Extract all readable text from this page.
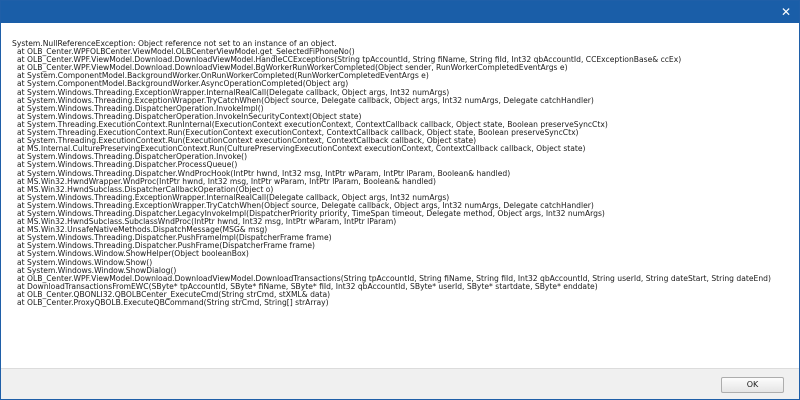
✕
System.NullReferenceException: Object reference not set to an instance of an object.
at OLB_Center.WPFOLBCenter.ViewModel.OLBCenterViewModel.get_SelectedFiPhoneNo()
at OLB_Center.WPF.ViewModel.Download.DownloadViewModel.HandleCCExceptions(String tpAccountId, String fiName, String fiId, Int32 qbAccountId, CCExceptionBase& ccEx)
at OLB_Center.WPF.ViewModel.Download.DownloadViewModel.BgWorkerRunWorkerCompleted(Object sender, RunWorkerCompletedEventArgs e)
at System.ComponentModel.BackgroundWorker.OnRunWorkerCompleted(RunWorkerCompletedEventArgs e)
at System.ComponentModel.BackgroundWorker.AsyncOperationCompleted(Object arg)
at System.Windows.Threading.ExceptionWrapper.InternalRealCall(Delegate callback, Object args, Int32 numArgs)
at System.Windows.Threading.ExceptionWrapper.TryCatchWhen(Object source, Delegate callback, Object args, Int32 numArgs, Delegate catchHandler)
at System.Windows.Threading.DispatcherOperation.InvokeImpl()
at System.Windows.Threading.DispatcherOperation.InvokeInSecurityContext(Object state)
at System.Threading.ExecutionContext.RunInternal(ExecutionContext executionContext, ContextCallback callback, Object state, Boolean preserveSyncCtx)
at System.Threading.ExecutionContext.Run(ExecutionContext executionContext, ContextCallback callback, Object state, Boolean preserveSyncCtx)
at System.Threading.ExecutionContext.Run(ExecutionContext executionContext, ContextCallback callback, Object state)
at MS.Internal.CulturePreservingExecutionContext.Run(CulturePreservingExecutionContext executionContext, ContextCallback callback, Object state)
at System.Windows.Threading.DispatcherOperation.Invoke()
at System.Windows.Threading.Dispatcher.ProcessQueue()
at System.Windows.Threading.Dispatcher.WndProcHook(IntPtr hwnd, Int32 msg, IntPtr wParam, IntPtr lParam, Boolean& handled)
at MS.Win32.HwndWrapper.WndProc(IntPtr hwnd, Int32 msg, IntPtr wParam, IntPtr lParam, Boolean& handled)
at MS.Win32.HwndSubclass.DispatcherCallbackOperation(Object o)
at System.Windows.Threading.ExceptionWrapper.InternalRealCall(Delegate callback, Object args, Int32 numArgs)
at System.Windows.Threading.ExceptionWrapper.TryCatchWhen(Object source, Delegate callback, Object args, Int32 numArgs, Delegate catchHandler)
at System.Windows.Threading.Dispatcher.LegacyInvokeImpl(DispatcherPriority priority, TimeSpan timeout, Delegate method, Object args, Int32 numArgs)
at MS.Win32.HwndSubclass.SubclassWndProc(IntPtr hwnd, Int32 msg, IntPtr wParam, IntPtr lParam)
at MS.Win32.UnsafeNativeMethods.DispatchMessage(MSG& msg)
at System.Windows.Threading.Dispatcher.PushFrameImpl(DispatcherFrame frame)
at System.Windows.Threading.Dispatcher.PushFrame(DispatcherFrame frame)
at System.Windows.Window.ShowHelper(Object booleanBox)
at System.Windows.Window.Show()
at System.Windows.Window.ShowDialog()
at OLB_Center.WPF.ViewModel.Download.DownloadViewModel.DownloadTransactions(String tpAccountId, String fiName, String fiId, Int32 qbAccountId, String userId, String dateStart, String dateEnd)
at DownloadTransactionsFromEWC(SByte* tpAccountId, SByte* fiName, SByte* fiId, Int32 qbAccountId, SByte* userId, SByte* startdate, SByte* enddate)
at OLB_Center.QBONLI32.QBOLBCenter_ExecuteCmd(String strCmd, stXML& data)
at OLB_Center.ProxyQBOLB.ExecuteQBCommand(String strCmd, String[] strArray)
OK
